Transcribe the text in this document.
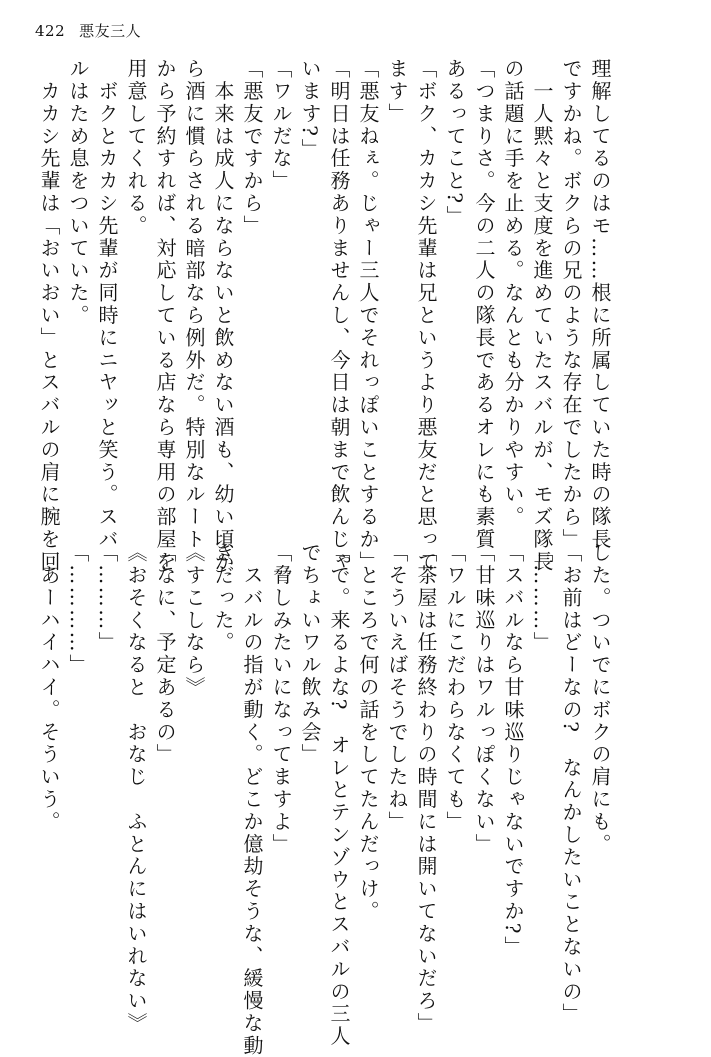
422 悪友三人
理解してるのはモ……根に所属していた時の隊長
ですかね。ボクらの兄のような存在でしたから」
　一人黙々と支度を進めていたスバルが、モズ隊長
の話題に手を止める。なんとも分かりやすい。
「つまりさ。今の二人の隊長であるオレにも素質
あるってこと?」
「ボク、カカシ先輩は兄というより悪友だと思って
ます」
「悪友ねぇ。じゃー三人でそれっぽいことするか」
「明日は任務ありませんし、今日は朝まで飲んじゃ
います?」
「ワルだな」
「悪友ですから」
　本来は成人にならないと飲めない酒も、幼い頃か
ら酒に慣らされる暗部なら例外だ。特別なルート
から予約すれば、対応している店なら専用の部屋を
用意してくれる。
　ボクとカカシ先輩が同時にニヤッと笑う。スバ
ルはため息をついていた。
　カカシ先輩は「おいおい」とスバルの肩に腕を回
した。ついでにボクの肩にも。
「お前はどーなの?　なんかしたいことないの」
「………」
「スバルなら甘味巡りじゃないですか?」
「甘味巡りはワルっぽくない」
「ワルにこだわらなくても」
「茶屋は任務終わりの時間には開いてないだろ」
「そういえばそうでしたね」
　ところで何の話をしてたんだっけ。
「で。来るよな?　オレとテンゾウとスバルの三人
でちょいワル飲み会」
「脅しみたいになってますよ」
　スバルの指が動く。どこか億劫そうな、緩慢な動
きだった。
《すこしなら》
「なに、予定あるの」
《おそくなると　おなじ　ふとんにはいれない》
「………」
「…………」
　あーハイハイ。そういう。
